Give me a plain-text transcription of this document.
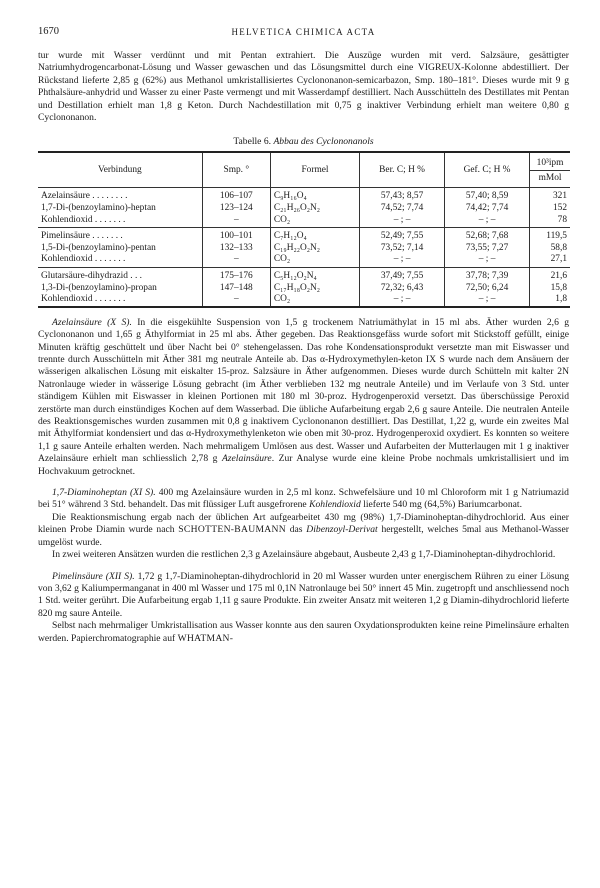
1670	HELVETICA CHIMICA ACTA

tur wurde mit Wasser verdünnt und mit Pentan extrahiert. Die Auszüge wurden mit verd. Salzsäure, gesättigter Natriumhydrogencarbonat-Lösung und Wasser gewaschen und das Lösungsmittel durch eine VIGREUX-Kolonne abdestilliert. Der Rückstand lieferte 2,85 g (62%) aus Methanol umkristallisiertes Cyclononanon-semicarbazon, Smp. 180–181°. Dieses wurde mit 9 g Phthalsäure-anhydrid und Wasser zu einer Paste vermengt und mit Wasserdampf destilliert. Nach Ausschütteln des Destillates mit Pentan und Destillation erhielt man 1,8 g Keton. Durch Nachdestillation mit 0,75 g inaktiver Verbindung erhielt man weitere 0,80 g Cyclononanon.

Tabelle 6. Abbau des Cyclononanols
Verbindung	Smp. °	Formel	Ber. C; H %	Gef. C; H %	10³ipm
mMol

Azelainsäure . . . . . . . .	106–107	C₉H₁₆O₄	57,43; 8,57	57,40; 8,59	321
1,7-Di-(benzoylamino)-heptan	123–124	C₂₁H₂₆O₂N₂	74,52; 7,74	74,42; 7,74	152
Kohlendioxid . . . . . . .	–	CO₂	– ; –	– ; –	78
Pimelinsäure . . . . . . .	100–101	C₇H₁₂O₄	52,49; 7,55	52,68; 7,68	119,5
1,5-Di-(benzoylamino)-pentan	132–133	C₁₉H₂₂O₂N₂	73,52; 7,14	73,55; 7,27	58,8
Kohlendioxid . . . . . . .	–	CO₂	– ; –	– ; –	27,1
Glutarsäure-dihydrazid . . .	175–176	C₅H₁₂O₂N₄	37,49; 7,55	37,78; 7,39	21,6
1,3-Di-(benzoylamino)-propan	147–148	C₁₇H₁₈O₂N₂	72,32; 6,43	72,50; 6,24	15,8
Kohlendioxid . . . . . . .	–	CO₂	– ; –	– ; –	1,8

Azelainsäure (X S). In die eisgekühlte Suspension von 1,5 g trockenem Natriumäthylat in 15 ml abs. Äther wurden 2,6 g Cyclononanon und 1,65 g Äthylformiat in 25 ml abs. Äther gegeben. Das Reaktionsgefäss wurde sofort mit Stickstoff gefüllt, einige Minuten kräftig geschüttelt und über Nacht bei 0° stehengelassen. Das rohe Kondensationsprodukt versetzte man mit Eiswasser und trennte durch Ausschütteln mit Äther 381 mg neutrale Anteile ab. Das α-Hydroxymethylen-keton IX S wurde nach dem Ansäuern der wässerigen alkalischen Lösung mit eiskalter 15-proz. Salzsäure in Äther aufgenommen. Dieses wurde durch Schütteln mit kalter 2N Natronlauge wieder in wässerige Lösung gebracht (im Äther verblieben 132 mg neutrale Anteile) und im Verlaufe von 3 Std. unter ständigem Kühlen mit Eiswasser in kleinen Portionen mit 180 ml 30-proz. Hydrogenperoxid versetzt. Das überschüssige Peroxid zerstörte man durch einstündiges Kochen auf dem Wasserbad. Die übliche Aufarbeitung ergab 2,6 g saure Anteile. Die neutralen Anteile des Reaktionsgemisches wurden zusammen mit 0,8 g inaktivem Cyclononanon destilliert. Das Destillat, 1,22 g, wurde ein zweites Mal mit Äthylformiat kondensiert und das α-Hydroxymethylenketon wie oben mit 30-proz. Hydrogenperoxid oxydiert. Es konnten so weitere 1,1 g saure Anteile erhalten werden. Nach mehrmaligem Umlösen aus dest. Wasser und Aufarbeiten der Mutterlaugen mit 1 g inaktiver Azelainsäure erhielt man schliesslich 2,78 g Azelainsäure. Zur Analyse wurde eine kleine Probe nochmals umkristallisiert und im Hochvakuum getrocknet.

1,7-Diaminoheptan (XI S). 400 mg Azelainsäure wurden in 2,5 ml konz. Schwefelsäure und 10 ml Chloroform mit 1 g Natriumazid bei 51° während 3 Std. behandelt. Das mit flüssiger Luft ausgefrorene Kohlendioxid lieferte 540 mg (64,5%) Bariumcarbonat.

Die Reaktionsmischung ergab nach der üblichen Art aufgearbeitet 430 mg (98%) 1,7-Diaminoheptan-dihydrochlorid. Aus einer kleinen Probe Diamin wurde nach SCHOTTEN-BAUMANN das Dibenzoyl-Derivat hergestellt, welches 5mal aus Methanol-Wasser umgelöst wurde.

In zwei weiteren Ansätzen wurden die restlichen 2,3 g Azelainsäure abgebaut, Ausbeute 2,43 g 1,7-Diaminoheptan-dihydrochlorid.

Pimelinsäure (XII S). 1,72 g 1,7-Diaminoheptan-dihydrochlorid in 20 ml Wasser wurden unter energischem Rühren zu einer Lösung von 3,62 g Kaliumpermanganat in 400 ml Wasser und 175 ml 0,1N Natronlauge bei 50° innert 45 Min. zugetropft und anschliessend noch 1 Std. weiter gerührt. Die Aufarbeitung ergab 1,11 g saure Produkte. Ein zweiter Ansatz mit weiteren 1,2 g Diamin-dihydrochlorid lieferte 820 mg saure Anteile.

Selbst nach mehrmaliger Umkristallisation aus Wasser konnte aus den sauren Oxydationsprodukten keine reine Pimelinsäure erhalten werden. Papierchromatographie auf WHATMAN-
